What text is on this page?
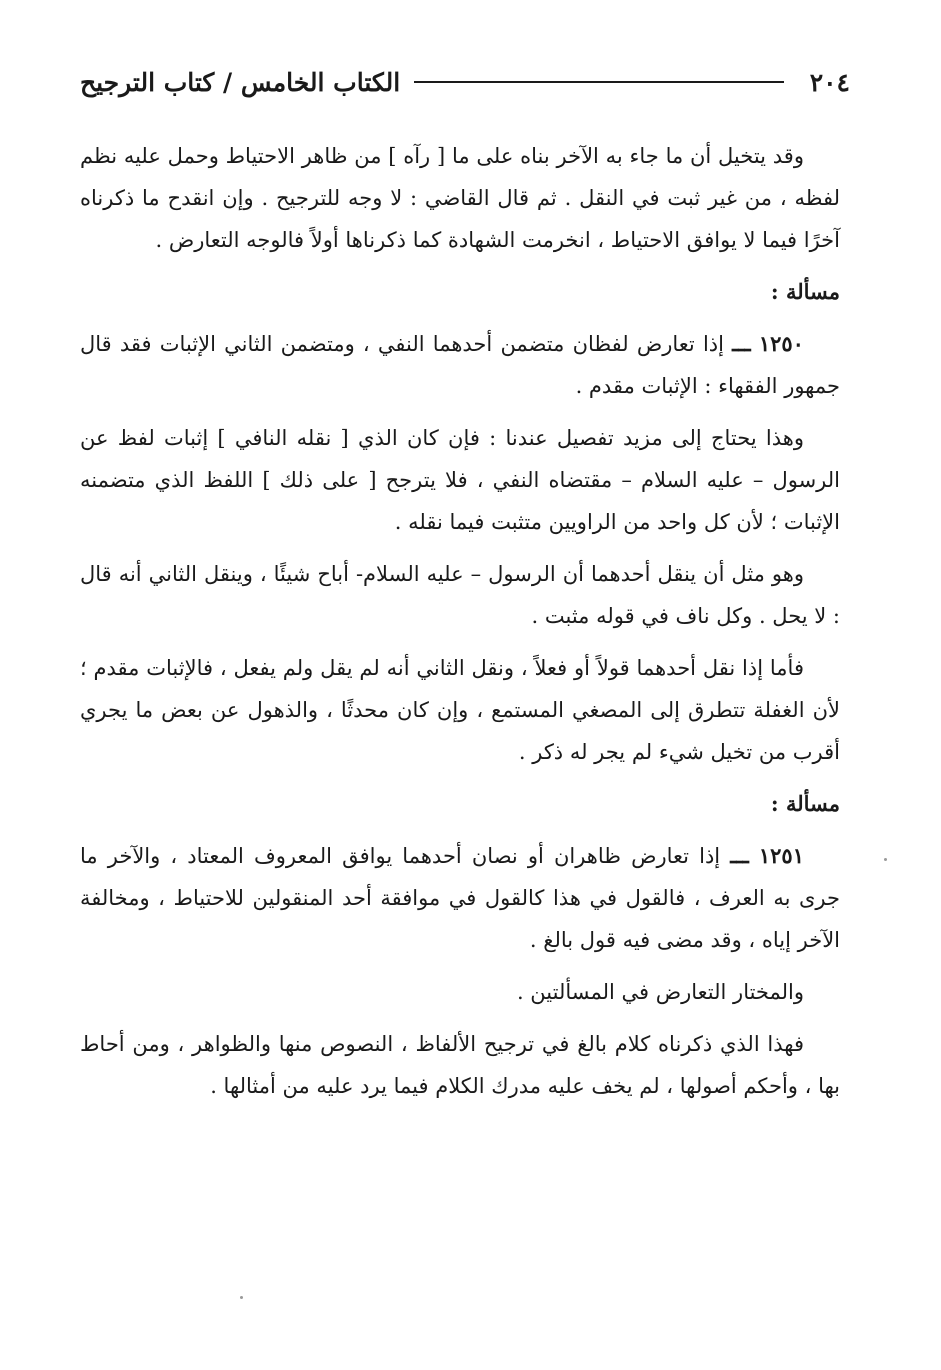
٢٠٤
الكتاب الخامس / كتاب الترجيح

وقد يتخيل أن ما جاء به الآخر بناه على ما [ رآه ] من ظاهر الاحتياط وحمل عليه نظم لفظه ، من غير ثبت في النقل . ثم قال القاضي : لا وجه للترجيح . وإن انقدح ما ذكرناه آخرًا فيما لا يوافق الاحتياط ، انخرمت الشهادة كما ذكرناها أولاً فالوجه التعارض .

مسألة :

١٢٥٠ ـــ إذا تعارض لفظان متضمن أحدهما النفي ، ومتضمن الثاني الإثبات فقد قال جمهور الفقهاء : الإثبات مقدم .

وهذا يحتاج إلى مزيد تفصيل عندنا : فإن كان الذي [ نقله النافي ] إثبات لفظ عن الرسول – عليه السلام – مقتضاه النفي ، فلا يترجح [ على ذلك ] اللفظ الذي متضمنه الإثبات ؛ لأن كل واحد من الراويين متثبت فيما نقله .

وهو مثل أن ينقل أحدهما أن الرسول – عليه السلام- أباح شيئًا ، وينقل الثاني أنه قال : لا يحل . وكل ناف في قوله مثبت .

فأما إذا نقل أحدهما قولاً أو فعلاً ، ونقل الثاني أنه لم يقل ولم يفعل ، فالإثبات مقدم ؛ لأن الغفلة تتطرق إلى المصغي المستمع ، وإن كان محدثًا ، والذهول عن بعض ما يجري أقرب من تخيل شيء لم يجر له ذكر .

مسألة :

١٢٥١ ـــ إذا تعارض ظاهران أو نصان أحدهما يوافق المعروف المعتاد ، والآخر ما جرى به العرف ، فالقول في هذا كالقول في موافقة أحد المنقولين للاحتياط ، ومخالفة الآخر إياه ، وقد مضى فيه قول بالغ .

والمختار التعارض في المسألتين .

فهذا الذي ذكرناه كلام بالغ في ترجيح الألفاظ ، النصوص منها والظواهر ، ومن أحاط بها ، وأحكم أصولها ، لم يخف عليه مدرك الكلام فيما يرد عليه من أمثالها .
